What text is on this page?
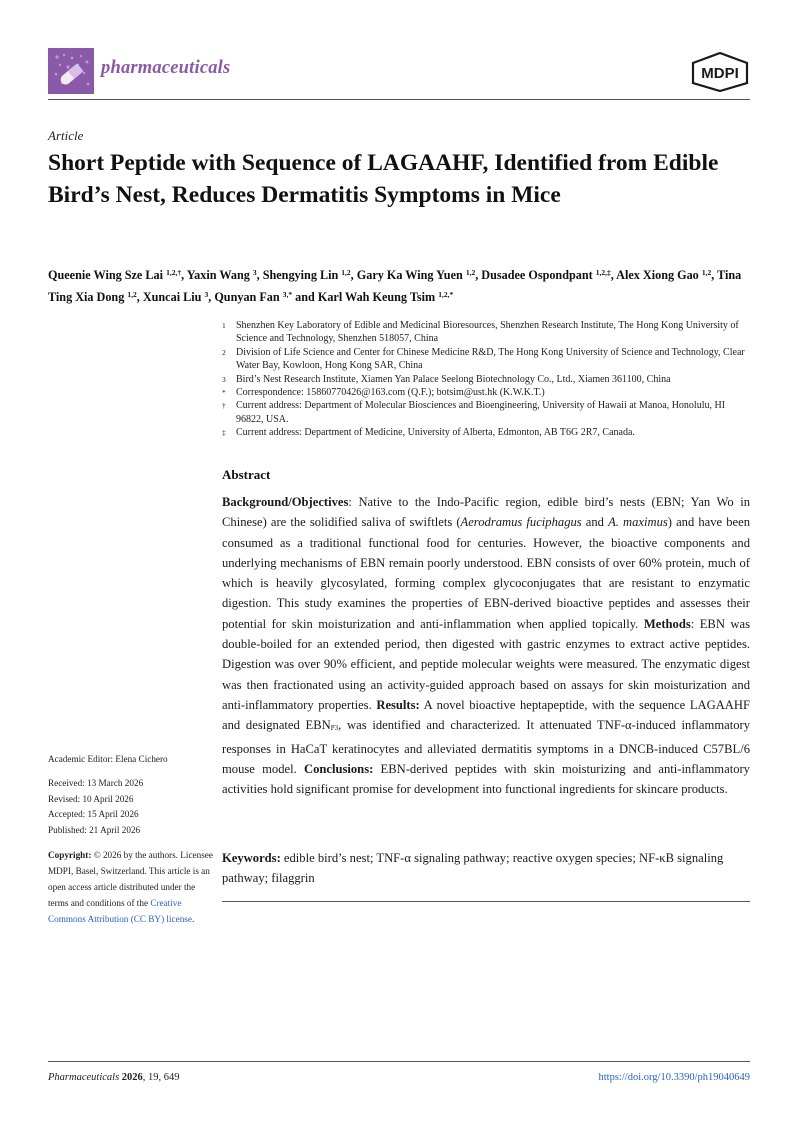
pharmaceuticals	MDPI
Article
Short Peptide with Sequence of LAGAAHF, Identified from Edible Bird’s Nest, Reduces Dermatitis Symptoms in Mice
Queenie Wing Sze Lai $^{1,2,\dagger}$, Yaxin Wang $^3$, Shengying Lin $^{1,2}$, Gary Ka Wing Yuen $^{1,2}$, Dusadee Ospondpant $^{1,2,\ddagger}$, Alex Xiong Gao $^{1,2}$, Tina Ting Xia Dong $^{1,2}$, Xuncai Liu $^3$, Qunyan Fan $^{3,*}$ and Karl Wah Keung Tsim $^{1,2,*}$
1 Shenzhen Key Laboratory of Edible and Medicinal Bioresources, Shenzhen Research Institute, The Hong Kong University of Science and Technology, Shenzhen 518057, China
2 Division of Life Science and Center for Chinese Medicine R&D, The Hong Kong University of Science and Technology, Clear Water Bay, Kowloon, Hong Kong SAR, China
3 Bird’s Nest Research Institute, Xiamen Yan Palace Seelong Biotechnology Co., Ltd., Xiamen 361100, China
* Correspondence: 15860770426@163.com (Q.F.); botsim@ust.hk (K.W.K.T.)
† Current address: Department of Molecular Biosciences and Bioengineering, University of Hawaii at Manoa, Honolulu, HI 96822, USA.
‡ Current address: Department of Medicine, University of Alberta, Edmonton, AB T6G 2R7, Canada.
Abstract
Background/Objectives: Native to the Indo-Pacific region, edible bird’s nests (EBN; Yan Wo in Chinese) are the solidified saliva of swiftlets (Aerodramus fuciphagus and A. maximus) and have been consumed as a traditional functional food for centuries. However, the bioactive components and underlying mechanisms of EBN remain poorly understood. EBN consists of over 60% protein, much of which is heavily glycosylated, forming complex glycoconjugates that are resistant to enzymatic digestion. This study examines the properties of EBN-derived bioactive peptides and assesses their potential for skin moisturization and anti-inflammation when applied topically. Methods: EBN was double-boiled for an extended period, then digested with gastric enzymes to extract active peptides. Digestion was over 90% efficient, and peptide molecular weights were measured. The enzymatic digest was then fractionated using an activity-guided approach based on assays for skin moisturization and anti-inflammatory properties. Results: A novel bioactive heptapeptide, with the sequence LAGAAHF and designated EBNP3, was identified and characterized. It attenuated TNF-α-induced inflammatory responses in HaCaT keratinocytes and alleviated dermatitis symptoms in a DNCB-induced C57BL/6 mouse model. Conclusions: EBN-derived peptides with skin moisturizing and anti-inflammatory activities hold significant promise for development into functional ingredients for skincare products.
Keywords: edible bird’s nest; TNF-α signaling pathway; reactive oxygen species; NF-κB signaling pathway; filaggrin
Academic Editor: Elena Cichero
Received: 13 March 2026
Revised: 10 April 2026
Accepted: 15 April 2026
Published: 21 April 2026
Copyright: © 2026 by the authors. Licensee MDPI, Basel, Switzerland. This article is an open access article distributed under the terms and conditions of the Creative Commons Attribution (CC BY) license.
Pharmaceuticals 2026, 19, 649	https://doi.org/10.3390/ph19040649
